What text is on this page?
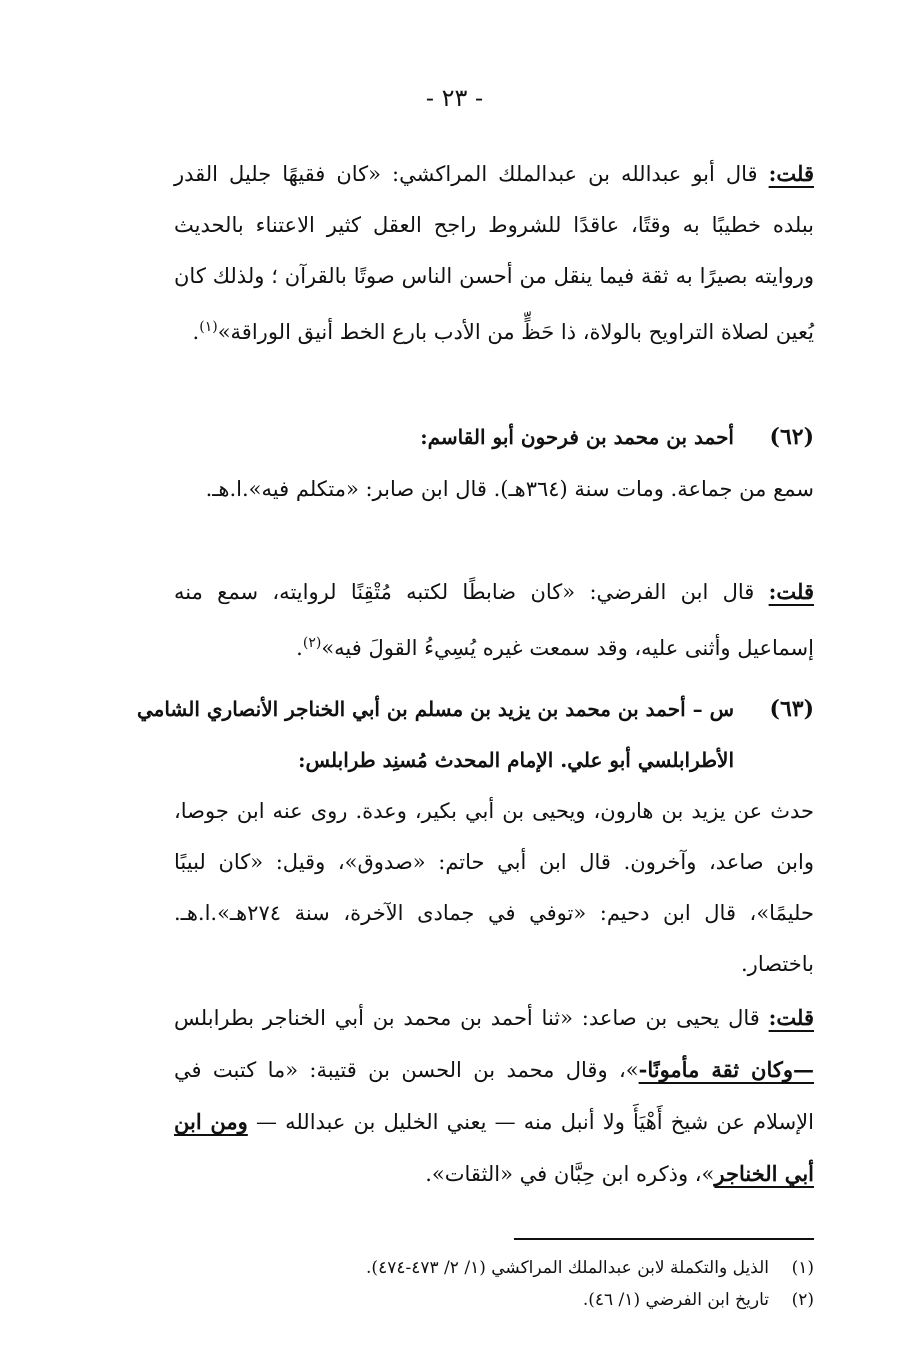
- ٢٣ -
قلت: قال أبو عبدالله بن عبدالملك المراكشي: «كان فقيهًا جليل القدر ببلده خطيبًا به وقتًا، عاقدًا للشروط راجح العقل كثير الاعتناء بالحديث وروايته بصيرًا به ثقة فيما ينقل من أحسن الناس صوتًا بالقرآن ؛ ولذلك كان يُعين لصلاة التراويح بالولاة، ذا حَظٍّ من الأدب بارع الخط أنيق الوراقة»$^{(١)}$.
(٦٢)
أحمد بن محمد بن فرحون أبو القاسم:
سمع من جماعة. ومات سنة (٣٦٤هـ). قال ابن صابر: «متكلم فيه».ا.هـ.
قلت: قال ابن الفرضي: «كان ضابطًا لكتبه مُتْقِنًا لروايته، سمع منه إسماعيل وأثنى عليه، وقد سمعت غيره يُسِيءُ القولَ فيه»$^{(٢)}$.
(٦٣)
س – أحمد بن محمد بن يزيد بن مسلم بن أبي الخناجر الأنصاري الشامي
الأطرابلسي أبو علي. الإمام المحدث مُسنِد طرابلس:
حدث عن يزيد بن هارون، ويحيى بن أبي بكير، وعدة. روى عنه ابن جوصا، وابن صاعد، وآخرون. قال ابن أبي حاتم: «صدوق»، وقيل: «كان لبيبًا حليمًا»، قال ابن دحيم: «توفي في جمادى الآخرة، سنة ٢٧٤هـ».ا.هـ. باختصار.
قلت: قال يحيى بن صاعد: «ثنا أحمد بن محمد بن أبي الخناجر بطرابلس —وكان ثقة مأمونًا-»، وقال محمد بن الحسن بن قتيبة: «ما كتبت في الإسلام عن شيخ أَهْيَأَ ولا أنبل منه — يعني الخليل بن عبدالله — ومن ابن أبي الخناجر»، وذكره ابن حِبَّان في «الثقات».
(١)الذيل والتكملة لابن عبدالملك المراكشي (١/ ٢/ ٤٧٣-٤٧٤).
(٢)تاريخ ابن الفرضي (١/ ٤٦).
